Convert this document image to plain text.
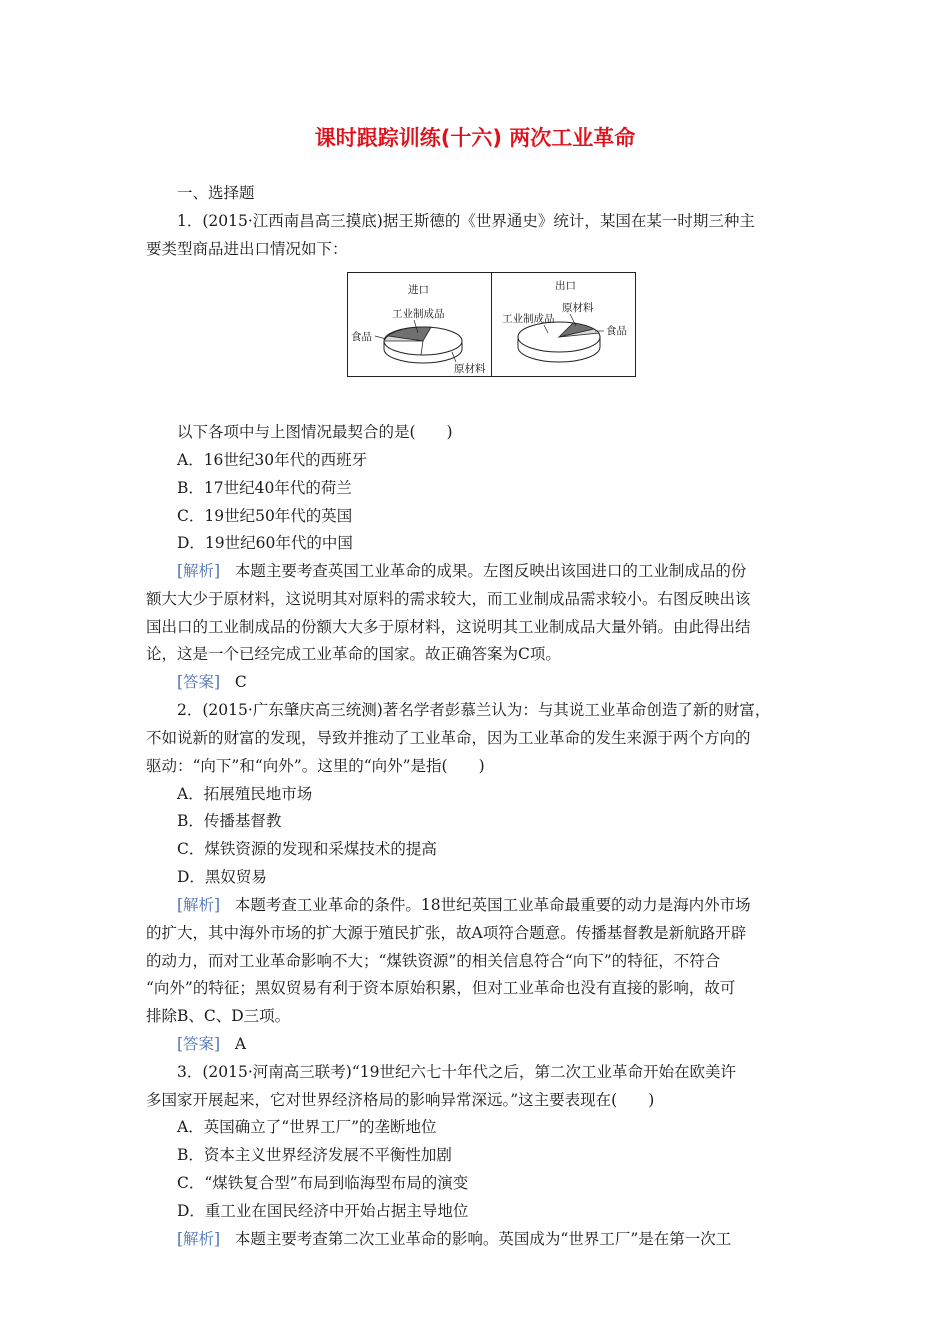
课时跟踪训练(十六) 两次工业革命
一、选择题
1．(2015·江西南昌高三摸底)据王斯德的《世界通史》统计，某国在某一时期三种主
要类型商品进出口情况如下：
进口
工业制成品
食品
原材料
出口
工业制成品
原材料
食品
以下各项中与上图情况最契合的是(　　)
A．16世纪30年代的西班牙
B．17世纪40年代的荷兰
C．19世纪50年代的英国
D．19世纪60年代的中国
[解析] 本题主要考查英国工业革命的成果。左图反映出该国进口的工业制成品的份
额大大少于原材料，这说明其对原料的需求较大，而工业制成品需求较小。右图反映出该
国出口的工业制成品的份额大大多于原材料，这说明其工业制成品大量外销。由此得出结
论，这是一个已经完成工业革命的国家。故正确答案为C项。
[答案] C
2．(2015·广东肇庆高三统测)著名学者彭慕兰认为：与其说工业革命创造了新的财富，
不如说新的财富的发现，导致并推动了工业革命，因为工业革命的发生来源于两个方向的
驱动：“向下”和“向外”。这里的“向外”是指(　　)
A．拓展殖民地市场
B．传播基督教
C．煤铁资源的发现和采煤技术的提高
D．黑奴贸易
[解析] 本题考查工业革命的条件。18世纪英国工业革命最重要的动力是海内外市场
的扩大，其中海外市场的扩大源于殖民扩张，故A项符合题意。传播基督教是新航路开辟
的动力，而对工业革命影响不大；“煤铁资源”的相关信息符合“向下”的特征，不符合
“向外”的特征；黑奴贸易有利于资本原始积累，但对工业革命也没有直接的影响，故可
排除B、C、D三项。
[答案] A
3．(2015·河南高三联考)“19世纪六七十年代之后，第二次工业革命开始在欧美许
多国家开展起来，它对世界经济格局的影响异常深远。”这主要表现在(　　)
A．英国确立了“世界工厂”的垄断地位
B．资本主义世界经济发展不平衡性加剧
C．“煤铁复合型”布局到临海型布局的演变
D．重工业在国民经济中开始占据主导地位
[解析] 本题主要考查第二次工业革命的影响。英国成为“世界工厂”是在第一次工
